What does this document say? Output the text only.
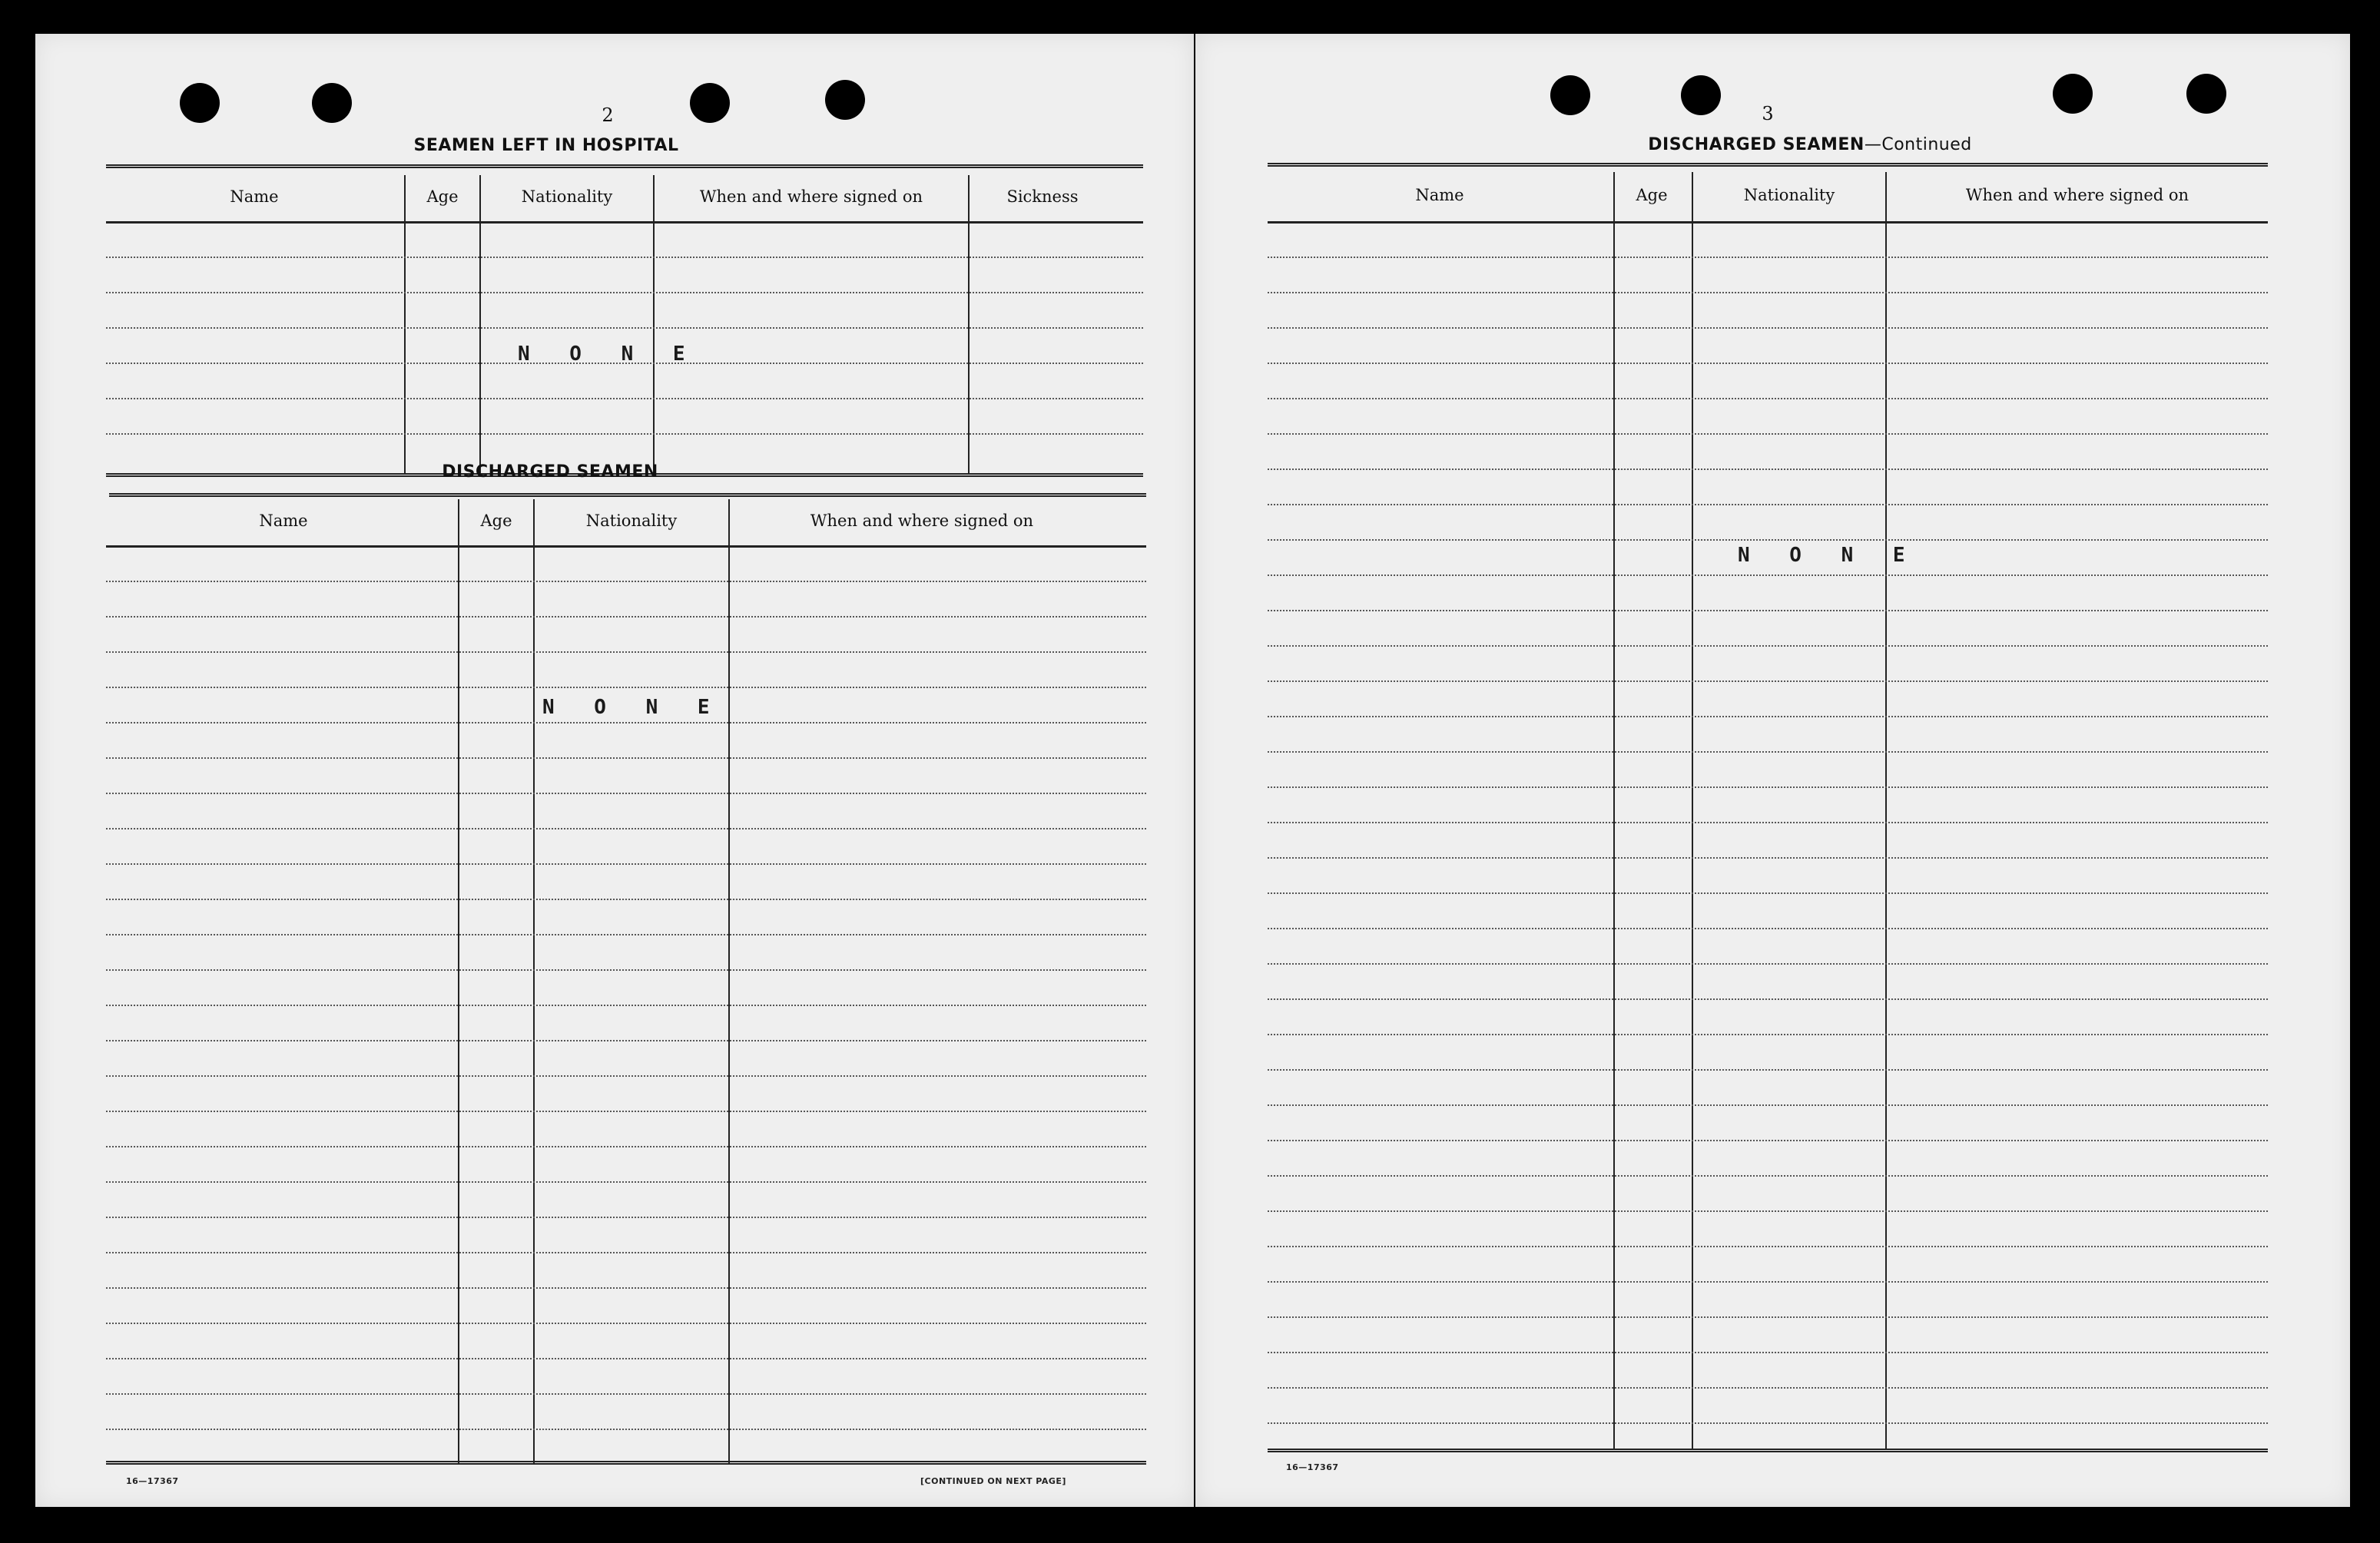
2
SEAMEN LEFT IN HOSPITAL
Name	Age	Nationality	When and where signed on	Sickness
N O N E
DISCHARGED SEAMEN
Name	Age	Nationality	When and where signed on
N O N E
16—17367	[CONTINUED ON NEXT PAGE]
3
DISCHARGED SEAMEN—Continued
Name	Age	Nationality	When and where signed on
N O N E
16—17367
